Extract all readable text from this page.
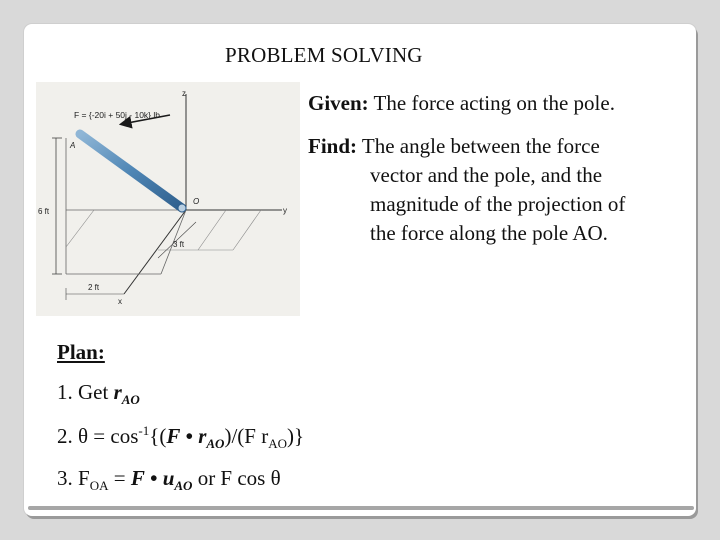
PROBLEM SOLVING
F = {-20i + 50j - 10k} lb
z
y
x
A
O
6 ft
3 ft
2 ft
Given: The force acting on the pole.
Find: The angle between the force
vector and the pole, and the
magnitude of the projection of
the force along the pole AO.
Plan:
1. Get $r_{AO}$
2. $\theta = \cos^{-1}\{(F$ • $r_{AO})/(F$ $r_{AO}$)}
3. $F_{OA} = F$ • $u_{AO}$ or F cos θ
